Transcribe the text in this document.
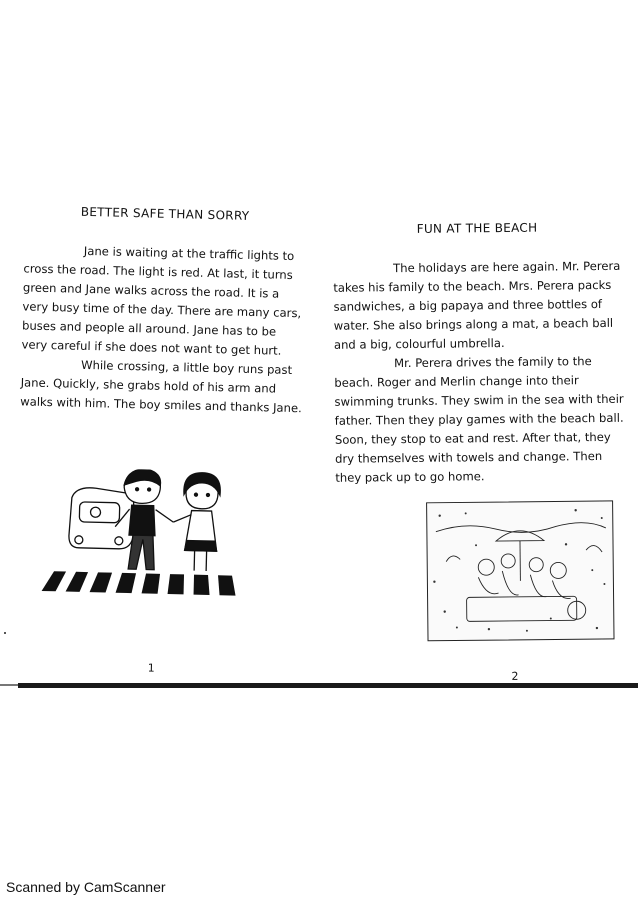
BETTER SAFE THAN SORRY

Jane is waiting at the traffic lights to cross the road. The light is red. At last, it turns green and Jane walks across the road. It is a very busy time of the day. There are many cars, buses and people all around. Jane has to be very careful if she does not want to get hurt.

While crossing, a little boy runs past Jane. Quickly, she grabs hold of his arm and walks with him. The boy smiles and thanks Jane.

1
FUN AT THE BEACH

The holidays are here again. Mr. Perera takes his family to the beach. Mrs. Perera packs sandwiches, a big papaya and three bottles of water. She also brings along a mat, a beach ball and a big, colourful umbrella.

Mr. Perera drives the family to the beach. Roger and Merlin change into their swimming trunks. They swim in the sea with their father. Then they play games with the beach ball. Soon, they stop to eat and rest. After that, they dry themselves with towels and change. Then they pack up to go home.

2
Scanned by CamScanner
